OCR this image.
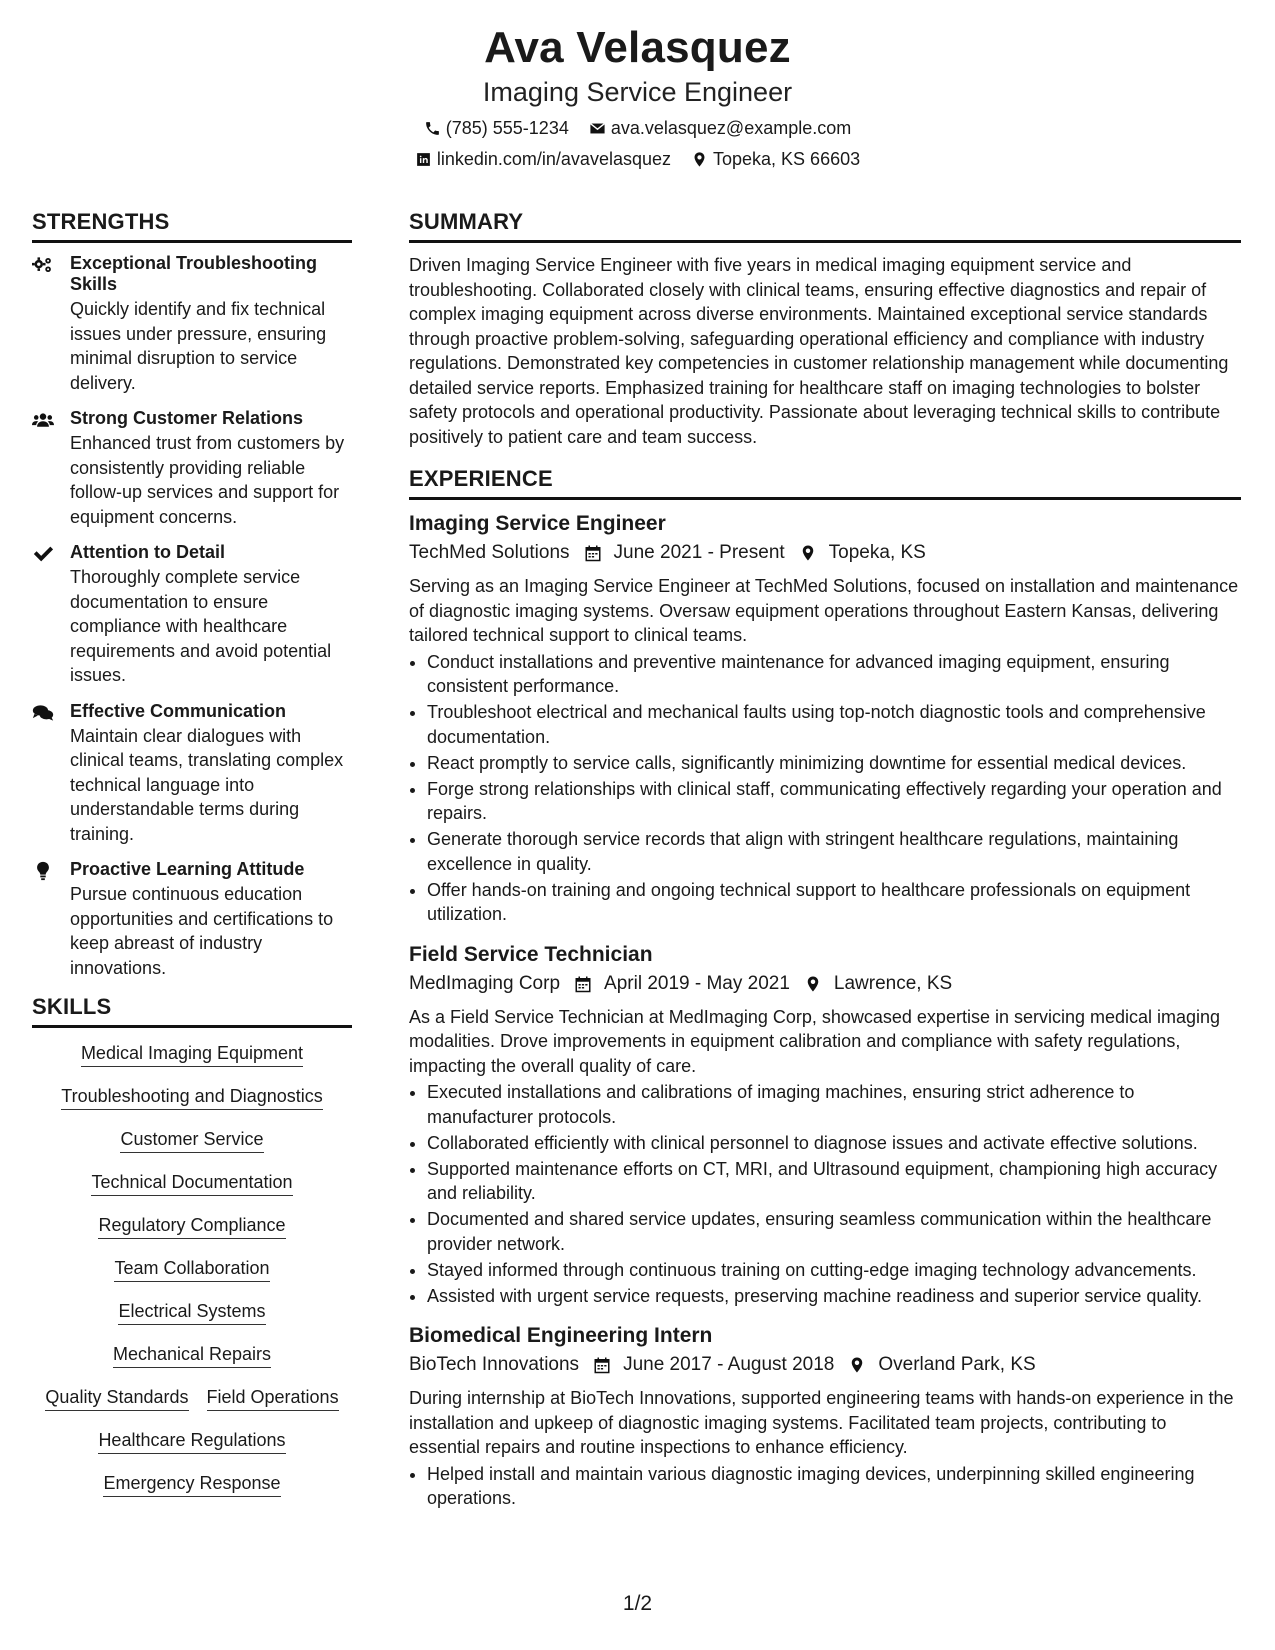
Ava Velasquez
Imaging Service Engineer
(785) 555-1234 ava.velasquez@example.com
linkedin.com/in/avavelasquez Topeka, KS 66603
STRENGTHS
Exceptional Troubleshooting Skills
Quickly identify and fix technical issues under pressure, ensuring minimal disruption to service delivery.
Strong Customer Relations
Enhanced trust from customers by consistently providing reliable follow-up services and support for equipment concerns.
Attention to Detail
Thoroughly complete service documentation to ensure compliance with healthcare requirements and avoid potential issues.
Effective Communication
Maintain clear dialogues with clinical teams, translating complex technical language into understandable terms during training.
Proactive Learning Attitude
Pursue continuous education opportunities and certifications to keep abreast of industry innovations.
SKILLS
Medical Imaging Equipment
Troubleshooting and Diagnostics
Customer Service
Technical Documentation
Regulatory Compliance
Team Collaboration
Electrical Systems
Mechanical Repairs
Quality Standards Field Operations
Healthcare Regulations
Emergency Response
SUMMARY
Driven Imaging Service Engineer with five years in medical imaging equipment service and troubleshooting. Collaborated closely with clinical teams, ensuring effective diagnostics and repair of complex imaging equipment across diverse environments. Maintained exceptional service standards through proactive problem-solving, safeguarding operational efficiency and compliance with industry regulations. Demonstrated key competencies in customer relationship management while documenting detailed service reports. Emphasized training for healthcare staff on imaging technologies to bolster safety protocols and operational productivity. Passionate about leveraging technical skills to contribute positively to patient care and team success.
EXPERIENCE
Imaging Service Engineer
TechMed Solutions June 2021 - Present Topeka, KS
Serving as an Imaging Service Engineer at TechMed Solutions, focused on installation and maintenance of diagnostic imaging systems. Oversaw equipment operations throughout Eastern Kansas, delivering tailored technical support to clinical teams.
• Conduct installations and preventive maintenance for advanced imaging equipment, ensuring consistent performance.
• Troubleshoot electrical and mechanical faults using top-notch diagnostic tools and comprehensive documentation.
• React promptly to service calls, significantly minimizing downtime for essential medical devices.
• Forge strong relationships with clinical staff, communicating effectively regarding your operation and repairs.
• Generate thorough service records that align with stringent healthcare regulations, maintaining excellence in quality.
• Offer hands-on training and ongoing technical support to healthcare professionals on equipment utilization.
Field Service Technician
MedImaging Corp April 2019 - May 2021 Lawrence, KS
As a Field Service Technician at MedImaging Corp, showcased expertise in servicing medical imaging modalities. Drove improvements in equipment calibration and compliance with safety regulations, impacting the overall quality of care.
• Executed installations and calibrations of imaging machines, ensuring strict adherence to manufacturer protocols.
• Collaborated efficiently with clinical personnel to diagnose issues and activate effective solutions.
• Supported maintenance efforts on CT, MRI, and Ultrasound equipment, championing high accuracy and reliability.
• Documented and shared service updates, ensuring seamless communication within the healthcare provider network.
• Stayed informed through continuous training on cutting-edge imaging technology advancements.
• Assisted with urgent service requests, preserving machine readiness and superior service quality.
Biomedical Engineering Intern
BioTech Innovations June 2017 - August 2018 Overland Park, KS
During internship at BioTech Innovations, supported engineering teams with hands-on experience in the installation and upkeep of diagnostic imaging systems. Facilitated team projects, contributing to essential repairs and routine inspections to enhance efficiency.
• Helped install and maintain various diagnostic imaging devices, underpinning skilled engineering operations.
1/2
